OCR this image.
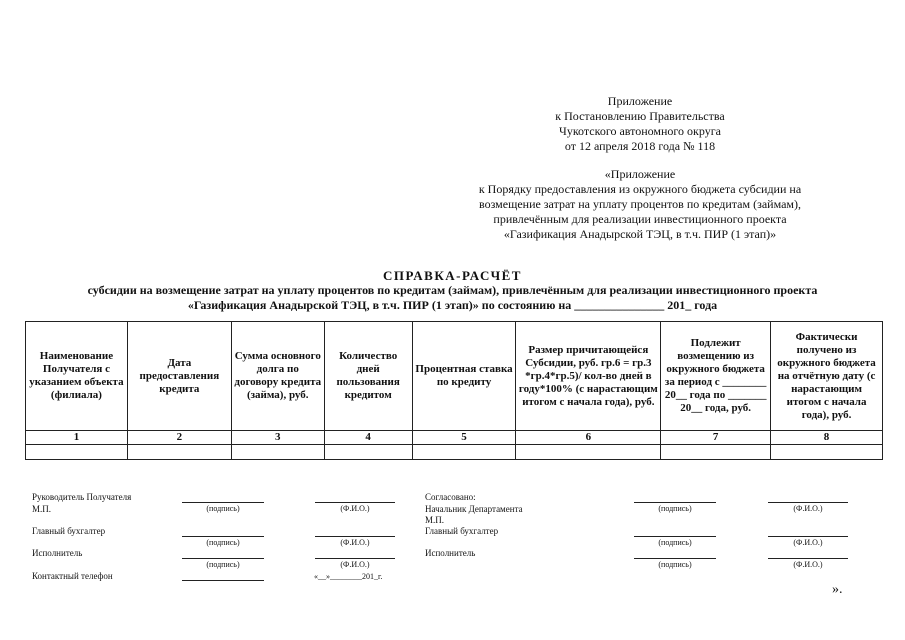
Приложение
к Постановлению Правительства
Чукотского автономного округа
от 12 апреля 2018 года № 118
«Приложение
к Порядку предоставления из окружного бюджета субсидии на
возмещение затрат на уплату процентов по кредитам (займам),
привлечённым для реализации инвестиционного проекта
«Газификация Анадырской ТЭЦ, в т.ч. ПИР (1 этап)»
СПРАВКА-РАСЧЁТ
субсидии на возмещение затрат на уплату процентов по кредитам (займам), привлечённым для реализации инвестиционного проекта
«Газификация Анадырской ТЭЦ, в т.ч. ПИР (1 этап)» по состоянию на _______________ 201_ года
Наименование Получателя с указанием объекта (филиала)	Дата предоставления кредита	Сумма основного долга по договору кредита (займа), руб.	Количество дней пользования кредитом	Процентная ставка по кредиту	Размер причитающейся Субсидии, руб. гр.6 = гр.3 *гр.4*гр.5)/ кол-во дней в году*100% (с нарастающим итогом с начала года), руб.	Подлежит возмещению из окружного бюджета за период с ________ 20__ года по _______ 20__ года, руб.	Фактически получено из окружного бюджета на отчётную дату (с нарастающим итогом с начала года), руб.
1	2	3	4	5	6	7	8

Руководитель Получателя
М.П.
Главный бухгалтер
Исполнитель
Контактный телефон
(подпись)	(Ф.И.О.)
(подпись)	(Ф.И.О.)
(подпись)	(Ф.И.О.)
«__»________201_г.
Согласовано:
Начальник Департамента
М.П.
Главный бухгалтер
Исполнитель
(подпись)	(Ф.И.О.)
(подпись)	(Ф.И.О.)
(подпись)	(Ф.И.О.)
».
